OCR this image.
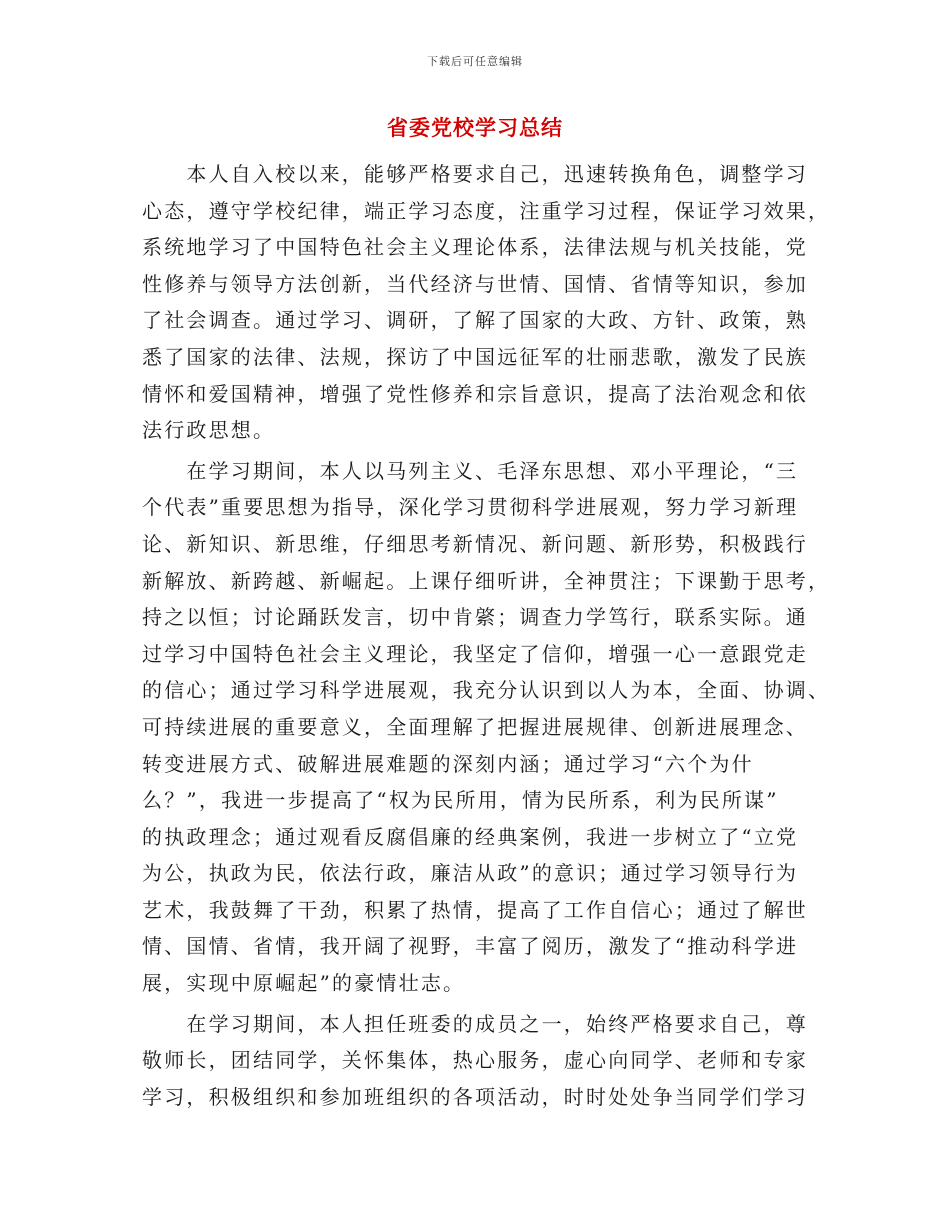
下载后可任意编辑
省委党校学习总结
　　本人自入校以来，能够严格要求自己，迅速转换角色，调整学习
心态，遵守学校纪律，端正学习态度，注重学习过程，保证学习效果，
系统地学习了中国特色社会主义理论体系，法律法规与机关技能，党
性修养与领导方法创新，当代经济与世情、国情、省情等知识，参加
了社会调查。通过学习、调研，了解了国家的大政、方针、政策，熟
悉了国家的法律、法规，探访了中国远征军的壮丽悲歌，激发了民族
情怀和爱国精神，增强了党性修养和宗旨意识，提高了法治观念和依
法行政思想。
　　在学习期间，本人以马列主义、毛泽东思想、邓小平理论，“三
个代表”重要思想为指导，深化学习贯彻科学进展观，努力学习新理
论、新知识、新思维，仔细思考新情况、新问题、新形势，积极践行
新解放、新跨越、新崛起。上课仔细听讲，全神贯注；下课勤于思考，
持之以恒；讨论踊跃发言，切中肯綮；调查力学笃行，联系实际。通
过学习中国特色社会主义理论，我坚定了信仰，增强一心一意跟党走
的信心；通过学习科学进展观，我充分认识到以人为本，全面、协调、
可持续进展的重要意义，全面理解了把握进展规律、创新进展理念、
转变进展方式、破解进展难题的深刻内涵；通过学习“六个为什
么？”，我进一步提高了“权为民所用，情为民所系，利为民所谋”
的执政理念；通过观看反腐倡廉的经典案例，我进一步树立了“立党
为公，执政为民，依法行政，廉洁从政”的意识；通过学习领导行为
艺术，我鼓舞了干劲，积累了热情，提高了工作自信心；通过了解世
情、国情、省情，我开阔了视野，丰富了阅历，激发了“推动科学进
展，实现中原崛起”的豪情壮志。
　　在学习期间，本人担任班委的成员之一，始终严格要求自己，尊
敬师长，团结同学，关怀集体，热心服务，虚心向同学、老师和专家
学习，积极组织和参加班组织的各项活动，时时处处争当同学们学习
